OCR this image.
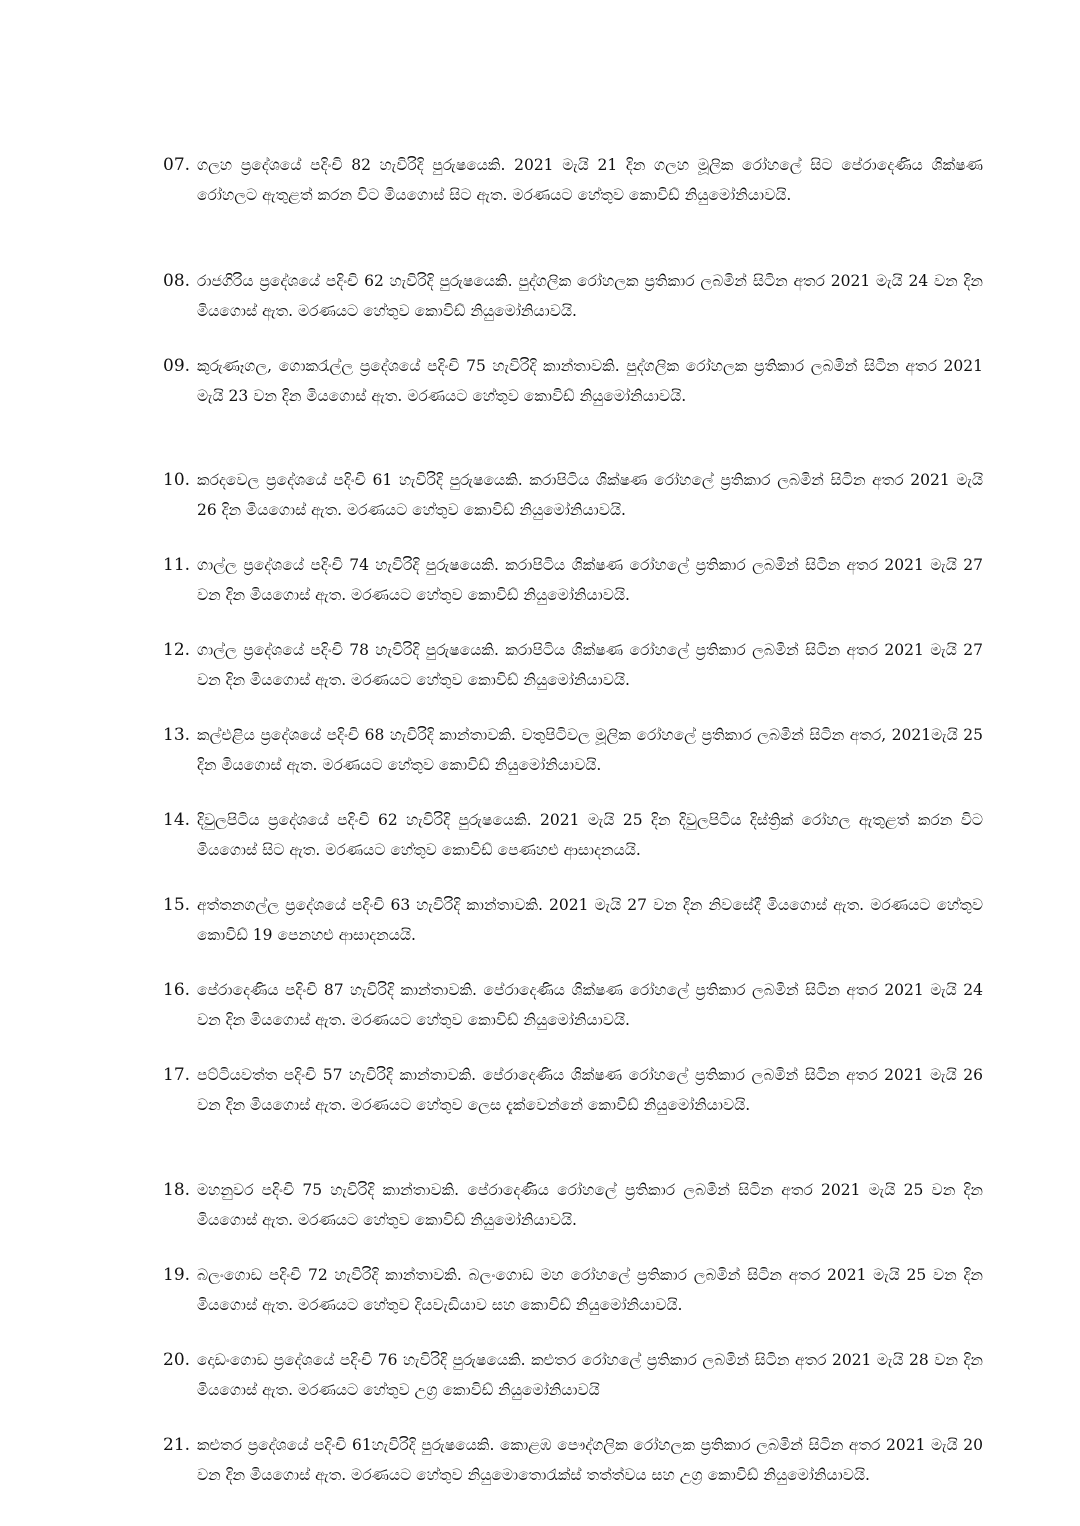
07. ගලහ ප්‍රදේශයේ පදිංචි 82 හැවිරිදි පුරුෂයෙකි. 2021 මැයි 21 දින ගලහ මූලික රෝහලේ සිට පේරාදෙණිය ශික්ෂණ රෝහලට ඇතුළත් කරන විට මියගොස් සිට ඇත. මරණයට හේතුව කොවිඩ් නියුමෝනියාවයි.
08. රාජගිරිය ප්‍රදේශයේ පදිංචි 62 හැවිරිදි පුරුෂයෙකි. පුද්ගලික රෝහලක ප්‍රතිකාර ලබමින් සිටින අතර 2021 මැයි 24 වන දින මියගොස් ඇත. මරණයට හේතුව කොවිඩ් නියුමෝනියාවයි.
09. කුරුණෑගල, ගොකරැල්ල ප්‍රදේශයේ පදිංචි 75 හැවිරිදි කාන්තාවකි. පුද්ගලික රෝහලක ප්‍රතිකාර ලබමින් සිටින අතර 2021 මැයි 23 වන දින මියගොස් ඇත. මරණයට හේතුව කොවිඩ් නියුමෝනියාවයි.
10. කරදවෙල ප්‍රදේශයේ පදිංචි 61 හැවිරිදි පුරුෂයෙකි. කරාපිටිය ශික්ෂණ රෝහලේ ප්‍රතිකාර ලබමින් සිටින අතර 2021 මැයි 26 දින මියගොස් ඇත. මරණයට හේතුව කොවිඩ් නියුමෝනියාවයි.
11. ගාල්ල ප්‍රදේශයේ පදිංචි 74 හැවිරිදි පුරුෂයෙකි. කරාපිටිය ශික්ෂණ රෝහලේ ප්‍රතිකාර ලබමින් සිටින අතර 2021 මැයි 27 වන දින මියගොස් ඇත. මරණයට හේතුව කොවිඩ් නියුමෝනියාවයි.
12. ගාල්ල ප්‍රදේශයේ පදිංචි 78 හැවිරිදි පුරුෂයෙකි. කරාපිටිය ශික්ෂණ රෝහලේ ප්‍රතිකාර ලබමින් සිටින අතර 2021 මැයි 27 වන දින මියගොස් ඇත. මරණයට හේතුව කොවිඩ් නියුමෝනියාවයි.
13. කල්එළිය ප්‍රදේශයේ පදිංචි 68 හැවිරිදි කාන්තාවකි. වතුපිටිවල මූලික රෝහලේ ප්‍රතිකාර ලබමින් සිටින අතර, 2021මැයි 25 දින මියගොස් ඇත. මරණයට හේතුව කොවිඩ් නියුමෝනියාවයි.
14. දිවුලපිටිය ප්‍රදේශයේ පදිංචි 62 හැවිරිදි පුරුෂයෙකි. 2021 මැයි 25 දින දිවුලපිටිය දිස්ත්‍රික් රෝහල ඇතුළත් කරන විට මියගොස් සිට ඇත. මරණයට හේතුව කොවිඩ් පෙණහළු ආසාදනයයි.
15. අත්තනගල්ල ප්‍රදේශයේ පදිංචි 63 හැවිරිදි කාන්තාවකි. 2021 මැයි 27 වන දින නිවසේදී මියගොස් ඇත. මරණයට හේතුව කොවිඩ් 19 පෙනහළු ආසාදනයයි.
16. පේරාදෙණිය පදිංචි 87 හැවිරිදි කාන්තාවකි. පේරාදෙණිය ශික්ෂණ රෝහලේ ප්‍රතිකාර ලබමින් සිටින අතර 2021 මැයි 24 වන දින මියගොස් ඇත. මරණයට හේතුව කොවිඩ් නියුමෝනියාවයි.
17. පට්ටියවත්ත පදිංචි 57 හැවිරිදි කාන්තාවකි. පේරාදෙණිය ශික්ෂණ රෝහලේ ප්‍රතිකාර ලබමින් සිටින අතර 2021 මැයි 26 වන දින මියගොස් ඇත. මරණයට හේතුව ලෙස දැක්වෙන්නේ කොවිඩ් නියුමෝනියාවයි.
18. මහනුවර පදිංචි 75 හැවිරිදි කාන්තාවකි. පේරාදෙණිය රෝහලේ ප්‍රතිකාර ලබමින් සිටින අතර 2021 මැයි 25 වන දින මියගොස් ඇත. මරණයට හේතුව කොවිඩ් නියුමෝනියාවයි.
19. බලංගොඩ පදිංචි 72 හැවිරිදි කාන්තාවකි. බලංගොඩ මහ රෝහලේ ප්‍රතිකාර ලබමින් සිටින අතර 2021 මැයි 25 වන දින මියගොස් ඇත. මරණයට හේතුව දියවැඩියාව සහ කොවිඩ් නියුමෝනියාවයි.
20. දොඩංගොඩ ප්‍රදේශයේ පදිංචි 76 හැවිරිදි පුරුෂයෙකි. කළුතර රෝහලේ ප්‍රතිකාර ලබමින් සිටින අතර 2021 මැයි 28 වන දින මියගොස් ඇත. මරණයට හේතුව උග්‍ර කොවිඩ් නියුමෝනියාවයි
21. කළුතර ප්‍රදේශයේ පදිංචි 61හැවිරිදි පුරුෂයෙකි. කොළඹ පෞද්ගලික රෝහලක ප්‍රතිකාර ලබමින් සිටින අතර 2021 මැයි 20 වන දින මියගොස් ඇත. මරණයට හේතුව නියුමොතොරැක්ස් තත්ත්වය සහ උග්‍ර කොවිඩ් නියුමෝනියාවයි.
